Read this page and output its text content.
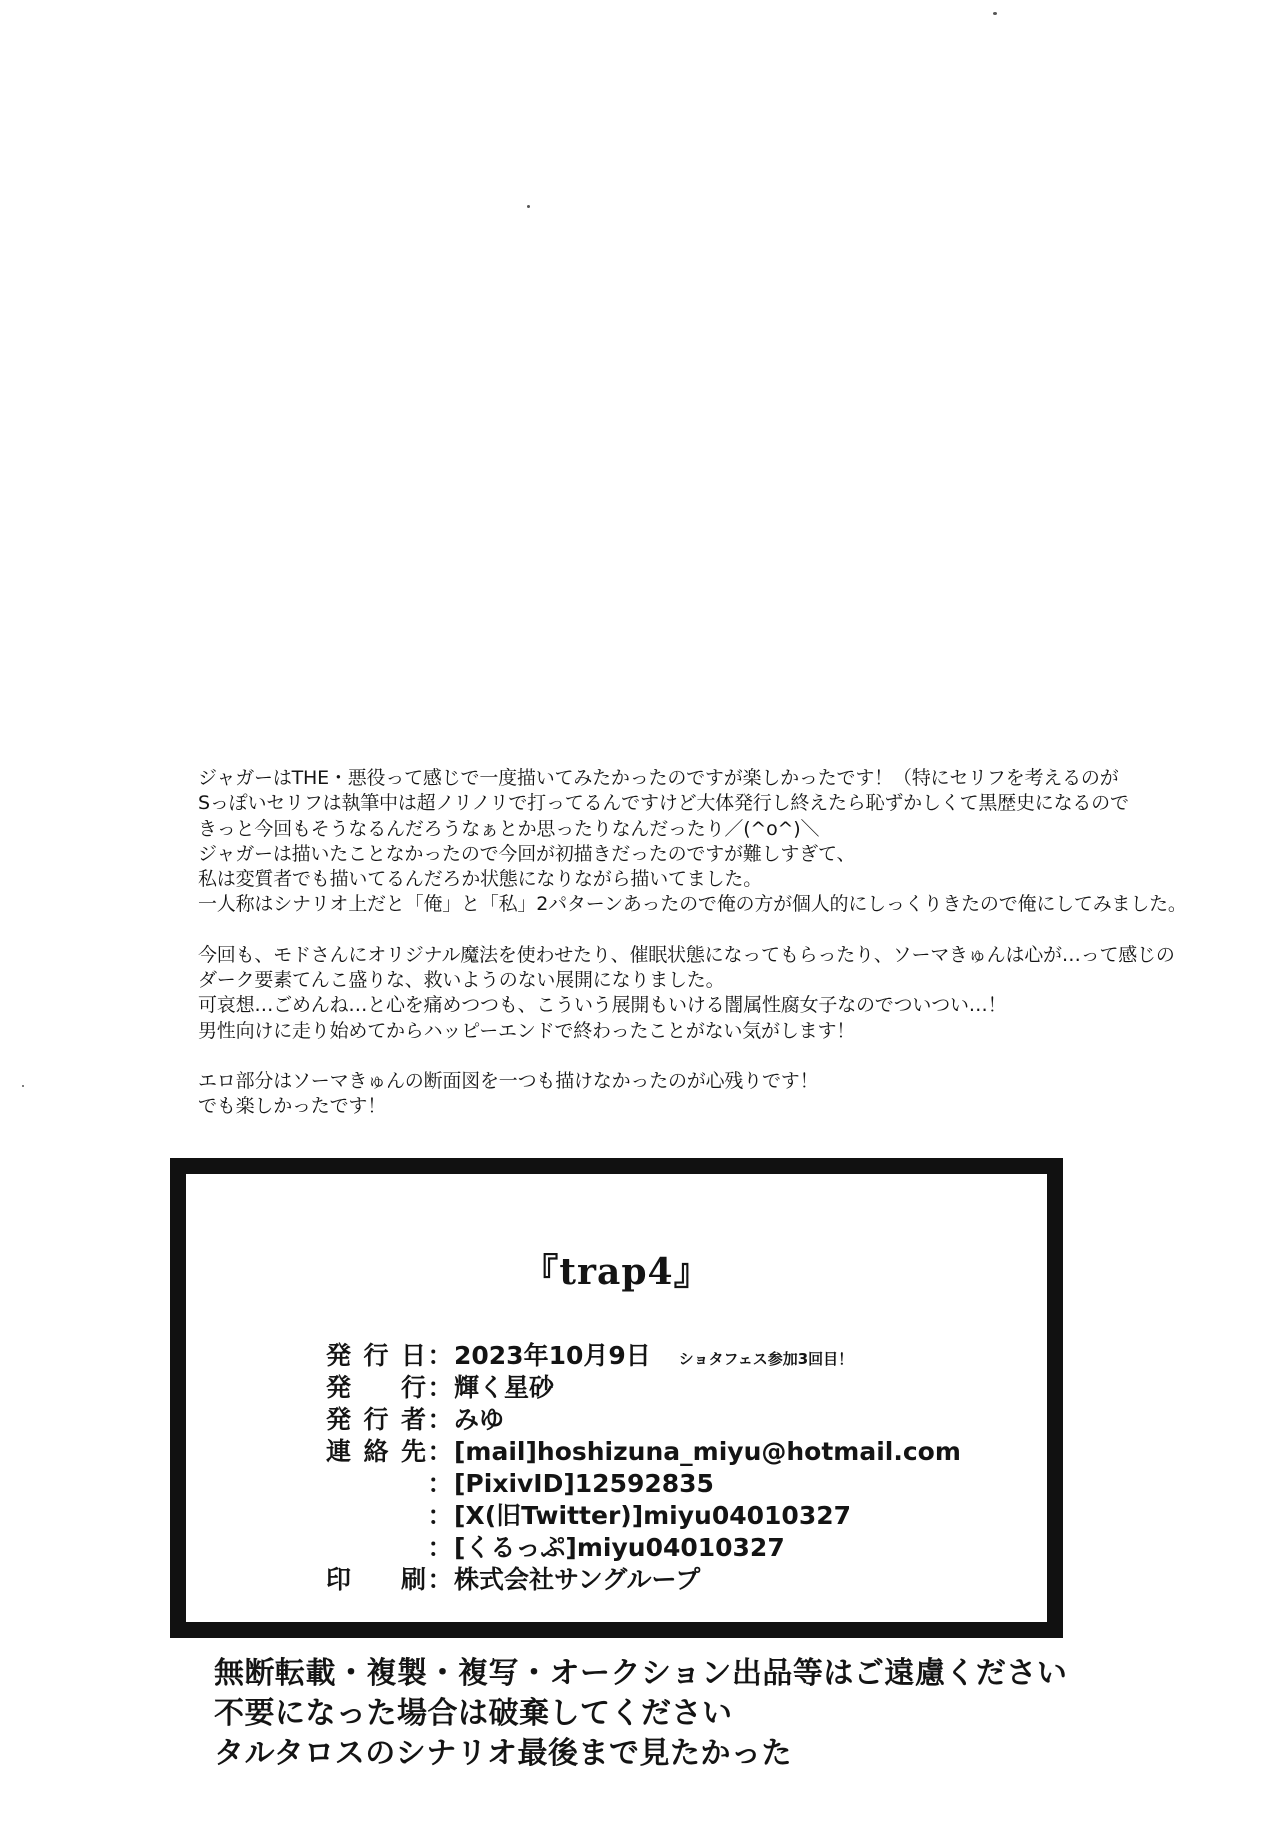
ジャガーはTHE・悪役って感じで一度描いてみたかったのですが楽しかったです！（特にセリフを考えるのが
Sっぽいセリフは執筆中は超ノリノリで打ってるんですけど大体発行し終えたら恥ずかしくて黒歴史になるので
きっと今回もそうなるんだろうなぁとか思ったりなんだったり／(^o^)＼
ジャガーは描いたことなかったので今回が初描きだったのですが難しすぎて、
私は変質者でも描いてるんだろか状態になりながら描いてました。
一人称はシナリオ上だと「俺」と「私」2パターンあったので俺の方が個人的にしっくりきたので俺にしてみました。
今回も、モドさんにオリジナル魔法を使わせたり、催眠状態になってもらったり、ソーマきゅんは心が…って感じの
ダーク要素てんこ盛りな、救いようのない展開になりました。
可哀想…ごめんね…と心を痛めつつも、こういう展開もいける闇属性腐女子なのでついつい…！
男性向けに走り始めてからハッピーエンドで終わったことがない気がします！
エロ部分はソーマきゅんの断面図を一つも描けなかったのが心残りです！
でも楽しかったです！
『trap4』
発行日 ： 2023年10月9日 ショタフェス参加3回目！
発行 ： 輝く星砂
発行者 ： みゆ
連絡先 ： [mail]hoshizuna_miyu@hotmail.com
： [PixivID]12592835
： [X(旧Twitter)]miyu04010327
： [くるっぷ]miyu04010327
印刷 ： 株式会社サングループ
無断転載・複製・複写・オークション出品等はご遠慮ください
不要になった場合は破棄してください
タルタロスのシナリオ最後まで見たかった
